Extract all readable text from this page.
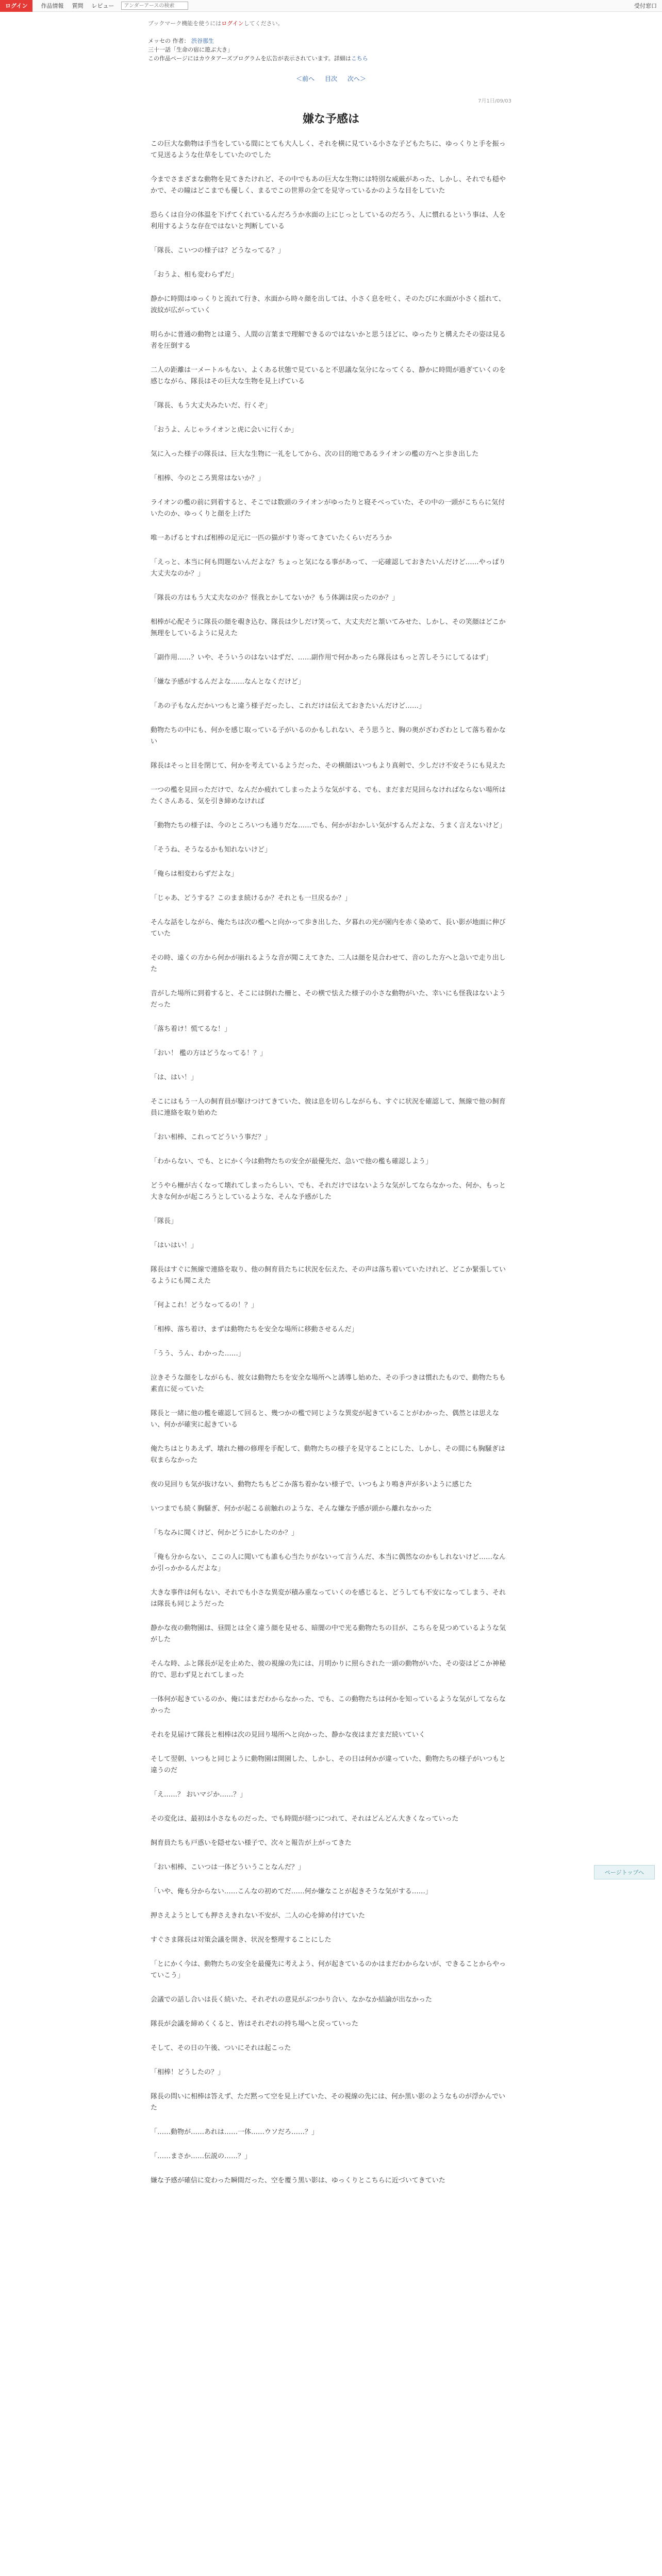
ログイン	作品情報 質問 レビュー
アンダーアースの検索	受付窓口
ブックマーク機能を使うにはログインしてください。
メッセの 作者： 渋谷那生
三十一話「生命の宿に遊ぶ大き」
この作品ページにはカウタアーズプログラムを広告が表示されています。詳細はこちら
＜前へ 目次 次へ＞
7月1日/09/03
嫌な予感は

この巨大な動物は手当をしている間にとても大人しく、それを横に見ている小さな子どもたちに、ゆっくりと手を振って見送るような仕草をしていたのでした

今までさまざまな動物を見てきたけれど、その中でもあの巨大な生物には特別な威厳があった、しかし、それでも穏やかで、その瞳はどこまでも優しく、まるでこの世界の全てを見守っているかのような目をしていた

恐らくは自分の体温を下げてくれているんだろうか水面の上にじっとしているのだろう、人に慣れるという事は、人を利用するような存在ではないと判断している

「隊長、こいつの様子は？どうなってる？」

「おうよ、相も変わらずだ」

静かに時間はゆっくりと流れて行き、水面から時々顔を出しては、小さく息を吐く、そのたびに水面が小さく揺れて、波紋が広がっていく

明らかに普通の動物とは違う、人間の言葉まで理解できるのではないかと思うほどに、ゆったりと構えたその姿は見る者を圧倒する

二人の距離は一メートルもない、よくある状態で見ていると不思議な気分になってくる、静かに時間が過ぎていくのを感じながら、隊長はその巨大な生物を見上げている

「隊長、もう大丈夫みたいだ、行くぞ」

「おうよ、んじゃライオンと虎に会いに行くか」

気に入った様子の隊長は、巨大な生物に一礼をしてから、次の目的地であるライオンの檻の方へと歩き出した

「相棒、今のところ異常はないか？」

ライオンの檻の前に到着すると、そこでは数頭のライオンがゆったりと寝そべっていた、その中の一頭がこちらに気付いたのか、ゆっくりと顔を上げた

唯一あげるとすれば相棒の足元に一匹の猫がすり寄ってきていたくらいだろうか

「えっと、本当に何も問題ないんだよな？ちょっと気になる事があって、一応確認しておきたいんだけど……やっぱり大丈夫なのか？」

「隊長の方はもう大丈夫なのか？怪我とかしてないか？もう体調は戻ったのか？」

相棒が心配そうに隊長の顔を覗き込む、隊長は少しだけ笑って、大丈夫だと頷いてみせた、しかし、その笑顔はどこか無理をしているように見えた

「副作用……？いや、そういうのはないはずだ、……副作用で何かあったら隊長はもっと苦しそうにしてるはず」

「嫌な予感がするんだよな……なんとなくだけど」

「あの子もなんだかいつもと違う様子だったし、これだけは伝えておきたいんだけど……」

動物たちの中にも、何かを感じ取っている子がいるのかもしれない、そう思うと、胸の奥がざわざわとして落ち着かない

隊長はそっと目を閉じて、何かを考えているようだった、その横顔はいつもより真剣で、少しだけ不安そうにも見えた

一つの檻を見回っただけで、なんだか疲れてしまったような気がする、でも、まだまだ見回らなければならない場所はたくさんある、気を引き締めなければ

「動物たちの様子は、今のところいつも通りだな……でも、何かがおかしい気がするんだよな、うまく言えないけど」

「そうね、そうなるかも知れないけど」

「俺らは相変わらずだよな」

「じゃあ、どうする？このまま続けるか？それとも一旦戻るか？」

そんな話をしながら、俺たちは次の檻へと向かって歩き出した、夕暮れの光が園内を赤く染めて、長い影が地面に伸びていた

その時、遠くの方から何かが崩れるような音が聞こえてきた、二人は顔を見合わせて、音のした方へと急いで走り出した

音がした場所に到着すると、そこには倒れた柵と、その横で怯えた様子の小さな動物がいた、幸いにも怪我はないようだった

「落ち着け！慌てるな！」

「おい！ 檻の方はどうなってる！？」

「は、はい！」

そこにはもう一人の飼育員が駆けつけてきていた、彼は息を切らしながらも、すぐに状況を確認して、無線で他の飼育員に連絡を取り始めた

「おい相棒、これってどういう事だ？」

「わからない、でも、とにかく今は動物たちの安全が最優先だ、急いで他の檻も確認しよう」

どうやら柵が古くなって壊れてしまったらしい、でも、それだけではないような気がしてならなかった、何か、もっと大きな何かが起ころうとしているような、そんな予感がした

「隊長」

「はいはい！」

隊長はすぐに無線で連絡を取り、他の飼育員たちに状況を伝えた、その声は落ち着いていたけれど、どこか緊張しているようにも聞こえた

「何よこれ！どうなってるの！？」

「相棒、落ち着け、まずは動物たちを安全な場所に移動させるんだ」

「うう、うん、わかった……」

泣きそうな顔をしながらも、彼女は動物たちを安全な場所へと誘導し始めた、その手つきは慣れたもので、動物たちも素直に従っていた

隊長と一緒に他の檻を確認して回ると、幾つかの檻で同じような異変が起きていることがわかった、偶然とは思えない、何かが確実に起きている

俺たちはとりあえず、壊れた柵の修理を手配して、動物たちの様子を見守ることにした、しかし、その間にも胸騒ぎは収まらなかった

夜の見回りも気が抜けない、動物たちもどこか落ち着かない様子で、いつもより鳴き声が多いように感じた

いつまでも続く胸騒ぎ、何かが起こる前触れのような、そんな嫌な予感が頭から離れなかった

「ちなみに聞くけど、何かどうにかしたのか？」

「俺も分からない、ここの人に聞いても誰も心当たりがないって言うんだ、本当に偶然なのかもしれないけど……なんか引っかかるんだよな」

大きな事件は何もない、それでも小さな異変が積み重なっていくのを感じると、どうしても不安になってしまう、それは隊長も同じようだった

静かな夜の動物園は、昼間とは全く違う顔を見せる、暗闇の中で光る動物たちの目が、こちらを見つめているような気がした

そんな時、ふと隊長が足を止めた、彼の視線の先には、月明かりに照らされた一頭の動物がいた、その姿はどこか神秘的で、思わず見とれてしまった

一体何が起きているのか、俺にはまだわからなかった、でも、この動物たちは何かを知っているような気がしてならなかった

それを見届けて隊長と相棒は次の見回り場所へと向かった、静かな夜はまだまだ続いていく

そして翌朝、いつもと同じように動物園は開園した、しかし、その日は何かが違っていた、動物たちの様子がいつもと違うのだ

「え……？ おいマジか……？」

その変化は、最初は小さなものだった、でも時間が経つにつれて、それはどんどん大きくなっていった

飼育員たちも戸惑いを隠せない様子で、次々と報告が上がってきた

「おい相棒、こいつは一体どういうことなんだ？」

「いや、俺も分からない……こんなの初めてだ……何か嫌なことが起きそうな気がする……」

押さえようとしても押さえきれない不安が、二人の心を締め付けていた

すぐさま隊長は対策会議を開き、状況を整理することにした

「とにかく今は、動物たちの安全を最優先に考えよう、何が起きているのかはまだわからないが、できることからやっていこう」

会議での話し合いは長く続いた、それぞれの意見がぶつかり合い、なかなか結論が出なかった

隊長が会議を締めくくると、皆はそれぞれの持ち場へと戻っていった

そして、その日の午後、ついにそれは起こった

「相棒！どうしたの？」

隊長の問いに相棒は答えず、ただ黙って空を見上げていた、その視線の先には、何か黒い影のようなものが浮かんでいた

「……動物が……あれは……一体……ウソだろ……？」

「……まさか……伝説の……？」

嫌な予感が確信に変わった瞬間だった、空を覆う黒い影は、ゆっくりとこちらに近づいてきていた

ページトップへ
